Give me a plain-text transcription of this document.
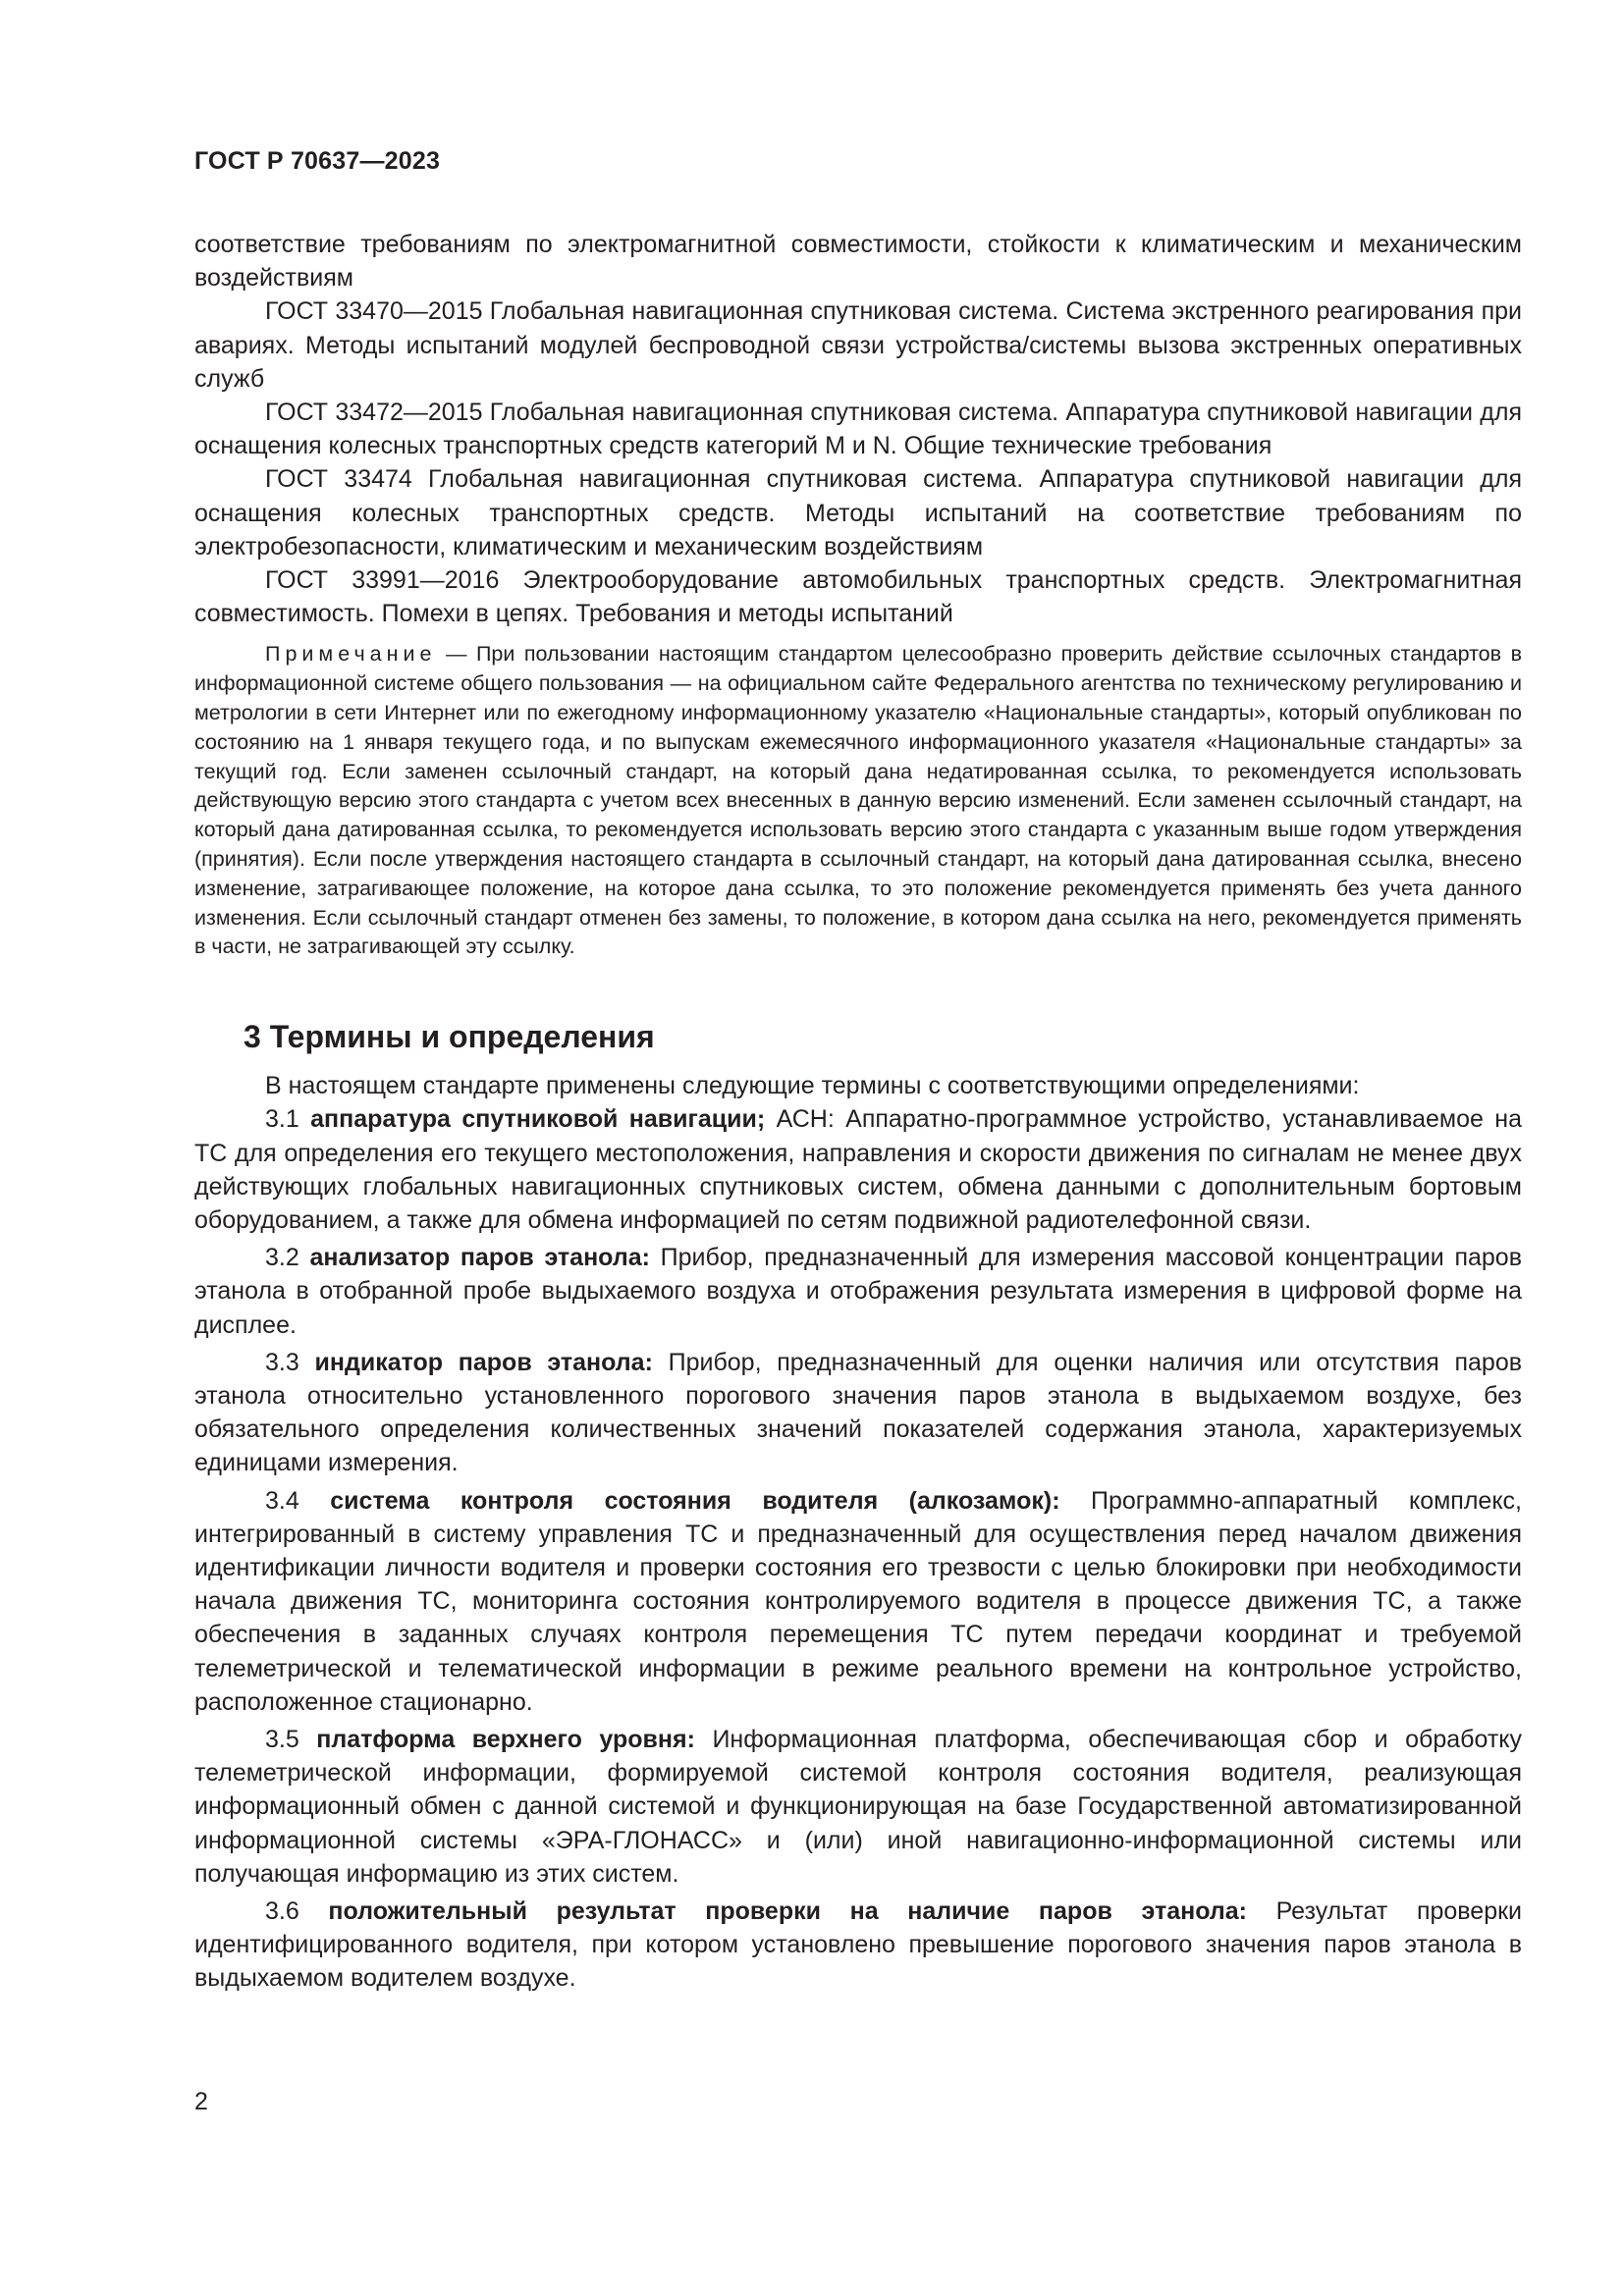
ГОСТ Р 70637—2023

соответствие требованиям по электромагнитной совместимости, стойкости к климатическим и механическим воздействиям

ГОСТ 33470—2015 Глобальная навигационная спутниковая система. Система экстренного реагирования при авариях. Методы испытаний модулей беспроводной связи устройства/системы вызова экстренных оперативных служб

ГОСТ 33472—2015 Глобальная навигационная спутниковая система. Аппаратура спутниковой навигации для оснащения колесных транспортных средств категорий M и N. Общие технические требования

ГОСТ 33474 Глобальная навигационная спутниковая система. Аппаратура спутниковой навигации для оснащения колесных транспортных средств. Методы испытаний на соответствие требованиям по электробезопасности, климатическим и механическим воздействиям

ГОСТ 33991—2016 Электрооборудование автомобильных транспортных средств. Электромагнитная совместимость. Помехи в цепях. Требования и методы испытаний

Примечание — При пользовании настоящим стандартом целесообразно проверить действие ссылочных стандартов в информационной системе общего пользования — на официальном сайте Федерального агентства по техническому регулированию и метрологии в сети Интернет или по ежегодному информационному указателю «Национальные стандарты», который опубликован по состоянию на 1 января текущего года, и по выпускам ежемесячного информационного указателя «Национальные стандарты» за текущий год. Если заменен ссылочный стандарт, на который дана недатированная ссылка, то рекомендуется использовать действующую версию этого стандарта с учетом всех внесенных в данную версию изменений. Если заменен ссылочный стандарт, на который дана датированная ссылка, то рекомендуется использовать версию этого стандарта с указанным выше годом утверждения (принятия). Если после утверждения настоящего стандарта в ссылочный стандарт, на который дана датированная ссылка, внесено изменение, затрагивающее положение, на которое дана ссылка, то это положение рекомендуется применять без учета данного изменения. Если ссылочный стандарт отменен без замены, то положение, в котором дана ссылка на него, рекомендуется применять в части, не затрагивающей эту ссылку.

3 Термины и определения

В настоящем стандарте применены следующие термины с соответствующими определениями:

3.1 аппаратура спутниковой навигации; АСН: Аппаратно-программное устройство, устанавливаемое на ТС для определения его текущего местоположения, направления и скорости движения по сигналам не менее двух действующих глобальных навигационных спутниковых систем, обмена данными с дополнительным бортовым оборудованием, а также для обмена информацией по сетям подвижной радиотелефонной связи.

3.2 анализатор паров этанола: Прибор, предназначенный для измерения массовой концентрации паров этанола в отобранной пробе выдыхаемого воздуха и отображения результата измерения в цифровой форме на дисплее.

3.3 индикатор паров этанола: Прибор, предназначенный для оценки наличия или отсутствия паров этанола относительно установленного порогового значения паров этанола в выдыхаемом воздухе, без обязательного определения количественных значений показателей содержания этанола, характеризуемых единицами измерения.

3.4 система контроля состояния водителя (алкозамок): Программно-аппаратный комплекс, интегрированный в систему управления ТС и предназначенный для осуществления перед началом движения идентификации личности водителя и проверки состояния его трезвости с целью блокировки при необходимости начала движения ТС, мониторинга состояния контролируемого водителя в процессе движения ТС, а также обеспечения в заданных случаях контроля перемещения ТС путем передачи координат и требуемой телеметрической и телематической информации в режиме реального времени на контрольное устройство, расположенное стационарно.

3.5 платформа верхнего уровня: Информационная платформа, обеспечивающая сбор и обработку телеметрической информации, формируемой системой контроля состояния водителя, реализующая информационный обмен с данной системой и функционирующая на базе Государственной автоматизированной информационной системы «ЭРА-ГЛОНАСС» и (или) иной навигационно-информационной системы или получающая информацию из этих систем.

3.6 положительный результат проверки на наличие паров этанола: Результат проверки идентифицированного водителя, при котором установлено превышение порогового значения паров этанола в выдыхаемом водителем воздухе.

2
